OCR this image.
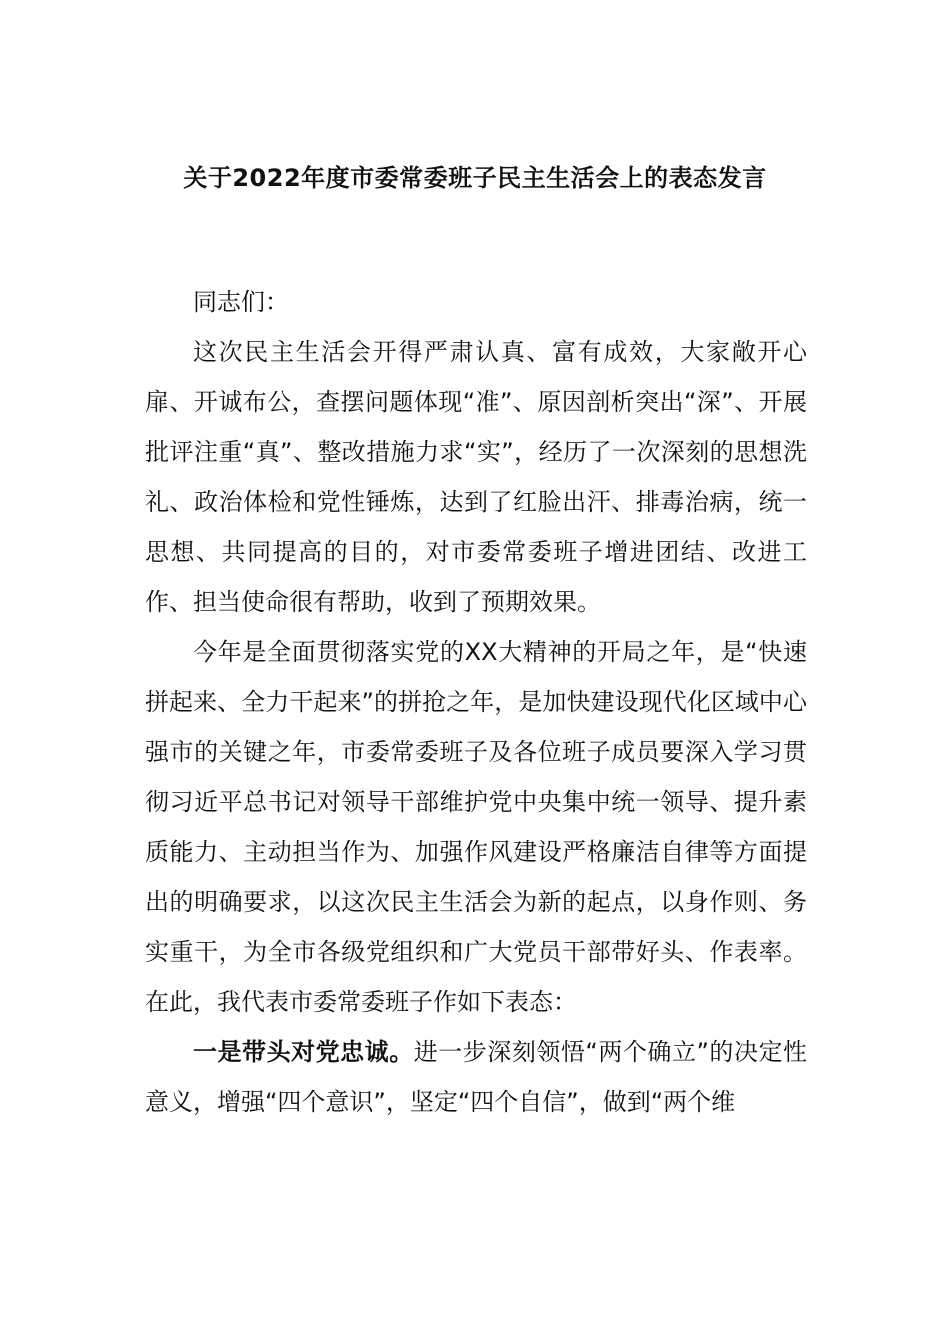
关于2022年度市委常委班子民主生活会上的表态发言

同志们：

这次民主生活会开得严肃认真、富有成效，大家敞开心扉、开诚布公，查摆问题体现“准”、原因剖析突出“深”、开展批评注重“真”、整改措施力求“实”，经历了一次深刻的思想洗礼、政治体检和党性锤炼，达到了红脸出汗、排毒治病，统一思想、共同提高的目的，对市委常委班子增进团结、改进工作、担当使命很有帮助，收到了预期效果。

今年是全面贯彻落实党的XX大精神的开局之年，是“快速拼起来、全力干起来”的拼抢之年，是加快建设现代化区域中心强市的关键之年，市委常委班子及各位班子成员要深入学习贯彻习近平总书记对领导干部维护党中央集中统一领导、提升素质能力、主动担当作为、加强作风建设严格廉洁自律等方面提出的明确要求，以这次民主生活会为新的起点，以身作则、务实重干，为全市各级党组织和广大党员干部带好头、作表率。在此，我代表市委常委班子作如下表态：

一是带头对党忠诚。进一步深刻领悟“两个确立”的决定性意义，增强“四个意识”，坚定“四个自信”，做到“两个维
